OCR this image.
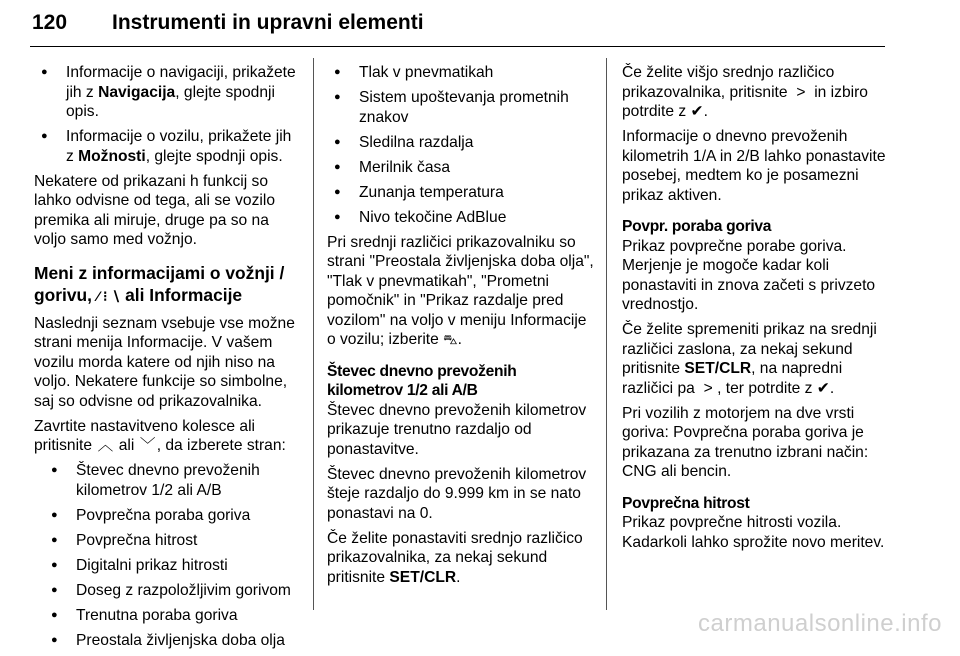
120 Instrumenti in upravni elementi
● Informacije o navigaciji, prikažete jih z Navigacija, glejte spodnji opis.
● Informacije o vozilu, prikažete jih z Možnosti, glejte spodnji opis.

Nekatere od prikazani h funkcij so lahko odvisne od tega, ali se vozilo premika ali miruje, druge pa so na voljo samo med vožnjo.

Meni z informacijami o vožnji / gorivu, ⁄ ⁝ ∖ ali Informacije

Naslednji seznam vsebuje vse možne strani menija Informacije. V vašem vozilu morda katere od njih niso na voljo. Nekatere funkcije so simbolne, saj so odvisne od prikazovalnika.

Zavrtite nastavitveno kolesce ali pritisnite ︿ ali ﹀, da izberete stran:

● Števec dnevno prevoženih kilometrov 1/2 ali A/B
● Povprečna poraba goriva
● Povprečna hitrost
● Digitalni prikaz hitrosti
● Doseg z razpoložljivim gorivom
● Trenutna poraba goriva
● Preostala življenjska doba olja
● Tlak v pnevmatikah
● Sistem upoštevanja prometnih znakov
● Sledilna razdalja
● Merilnik časa
● Zunanja temperatura
● Nivo tekočine AdBlue

Pri srednji različici prikazovalniku so strani "Preostala življenjska doba olja", "Tlak v pnevmatikah", "Prometni pomočnik" in "Prikaz razdalje pred vozilom" na voljo v meniju Informacije o vozilu; izberite ⛍.

Števec dnevno prevoženih kilometrov 1/2 ali A/B

Števec dnevno prevoženih kilometrov prikazuje trenutno razdaljo od ponastavitve.

Števec dnevno prevoženih kilometrov šteje razdaljo do 9.999 km in se nato ponastavi na 0.

Če želite ponastaviti srednjo različico prikazovalnika, za nekaj sekund pritisnite SET/CLR.

Če želite višjo srednjo različico prikazovalnika, pritisnite > in izbiro potrdite z ✔.

Informacije o dnevno prevoženih kilometrih 1/A in 2/B lahko ponastavite posebej, medtem ko je posamezni prikaz aktiven.

Povpr. poraba goriva

Prikaz povprečne porabe goriva. Merjenje je mogoče kadar koli ponastaviti in znova začeti s privzeto vrednostjo.

Če želite spremeniti prikaz na srednji različici zaslona, za nekaj sekund pritisnite SET/CLR, na napredni različici pa > , ter potrdite z ✔.

Pri vozilih z motorjem na dve vrsti goriva: Povprečna poraba goriva je prikazana za trenutno izbrani način: CNG ali bencin.

Povprečna hitrost

Prikaz povprečne hitrosti vozila. Kadarkoli lahko sprožite novo meritev.

carmanualsonline.info
